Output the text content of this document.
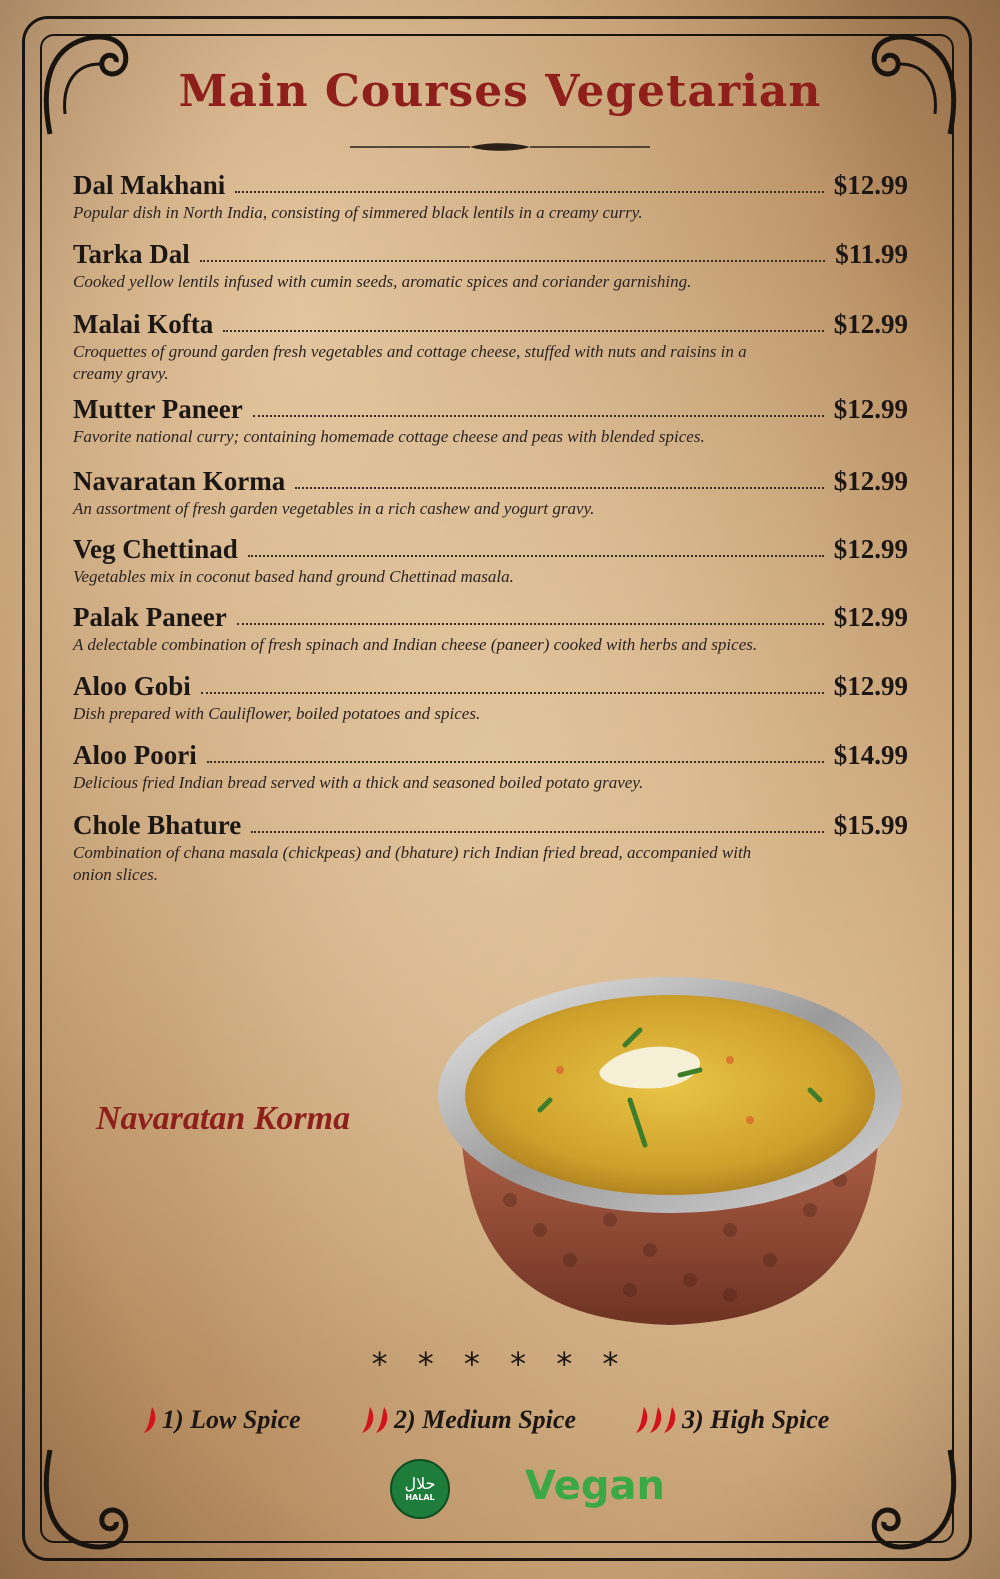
Main Courses Vegetarian
Dal Makhani	$12.99
Popular dish in North India, consisting of simmered black lentils in a creamy curry.
Tarka Dal	$11.99
Cooked yellow lentils infused with cumin seeds, aromatic spices and coriander garnishing.
Malai Kofta	$12.99
Croquettes of ground garden fresh vegetables and cottage cheese, stuffed with nuts and raisins in a creamy gravy.
Mutter Paneer	$12.99
Favorite national curry; containing homemade cottage cheese and peas with blended spices.
Navaratan Korma	$12.99
An assortment of fresh garden vegetables in a rich cashew and yogurt gravy.
Veg Chettinad	$12.99
Vegetables mix in coconut based hand ground Chettinad masala.
Palak Paneer	$12.99
A delectable combination of fresh spinach and Indian cheese (paneer) cooked with herbs and spices.
Aloo Gobi	$12.99
Dish prepared with Cauliflower, boiled potatoes and spices.
Aloo Poori	$14.99
Delicious fried Indian bread served with a thick and seasoned boiled potato gravey.
Chole Bhature	$15.99
Combination of chana masala (chickpeas) and (bhature) rich Indian fried bread, accompanied with onion slices.
Navaratan Korma
* * * * * *
1) Low Spice	2) Medium Spice	3) High Spice
حلال
HALAL Vegan
